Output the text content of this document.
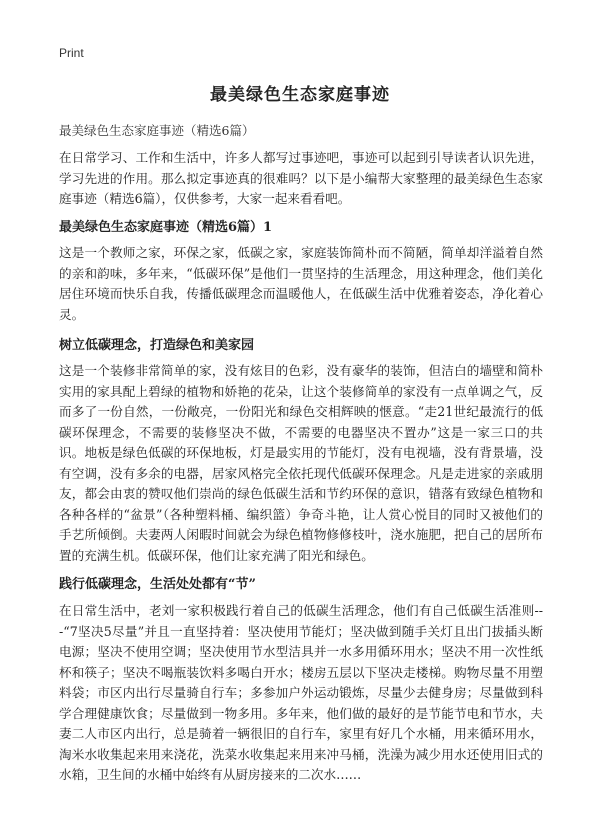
Print
最美绿色生态家庭事迹
最美绿色生态家庭事迹（精选6篇）

在日常学习、工作和生活中，许多人都写过事迹吧，事迹可以起到引导读者认识先进，学习先进的作用。那么拟定事迹真的很难吗？以下是小编帮大家整理的最美绿色生态家庭事迹（精选6篇），仅供参考，大家一起来看看吧。

最美绿色生态家庭事迹（精选6篇）1

这是一个教师之家，环保之家，低碳之家，家庭装饰简朴而不简陋，简单却洋溢着自然的亲和韵味，多年来，“低碳环保”是他们一贯坚持的生活理念，用这种理念，他们美化居住环境而快乐自我，传播低碳理念而温暖他人，在低碳生活中优雅着姿态，净化着心灵。

树立低碳理念，打造绿色和美家园

这是一个装修非常简单的家，没有炫目的色彩，没有豪华的装饰，但洁白的墙壁和简朴实用的家具配上碧绿的植物和娇艳的花朵，让这个装修简单的家没有一点单调之气，反而多了一份自然，一份敞亮，一份阳光和绿色交相辉映的惬意。“走21世纪最流行的低碳环保理念，不需要的装修坚决不做，不需要的电器坚决不置办”这是一家三口的共识。地板是绿色低碳的环保地板，灯是最实用的节能灯，没有电视墙，没有背景墙，没有空调，没有多余的电器，居家风格完全依托现代低碳环保理念。凡是走进家的亲戚朋友，都会由衷的赞叹他们崇尚的绿色低碳生活和节约环保的意识，错落有致绿色植物和各种各样的“盆景”（各种塑料桶、编织篮）争奇斗艳，让人赏心悦目的同时又被他们的手艺所倾倒。夫妻两人闲暇时间就会为绿色植物修修枝叶，浇水施肥，把自己的居所布置的充满生机。低碳环保，他们让家充满了阳光和绿色。

践行低碳理念，生活处处都有“节”

在日常生活中，老刘一家积极践行着自己的低碳生活理念，他们有自己低碳生活准则---“7坚决5尽量”并且一直坚持着：坚决使用节能灯；坚决做到随手关灯且出门拔插头断电源；坚决不使用空调；坚决使用节水型洁具并一水多用循环用水；坚决不用一次性纸杯和筷子；坚决不喝瓶装饮料多喝白开水；楼房五层以下坚决走楼梯。购物尽量不用塑料袋；市区内出行尽量骑自行车；多参加户外运动锻炼，尽量少去健身房；尽量做到科学合理健康饮食；尽量做到一物多用。多年来，他们做的最好的是节能节电和节水，夫妻二人市区内出行，总是骑着一辆很旧的自行车，家里有好几个水桶，用来循环用水，淘米水收集起来用来浇花，洗菜水收集起来用来冲马桶，洗澡为减少用水还使用旧式的水箱，卫生间的水桶中始终有从厨房接来的二次水……
